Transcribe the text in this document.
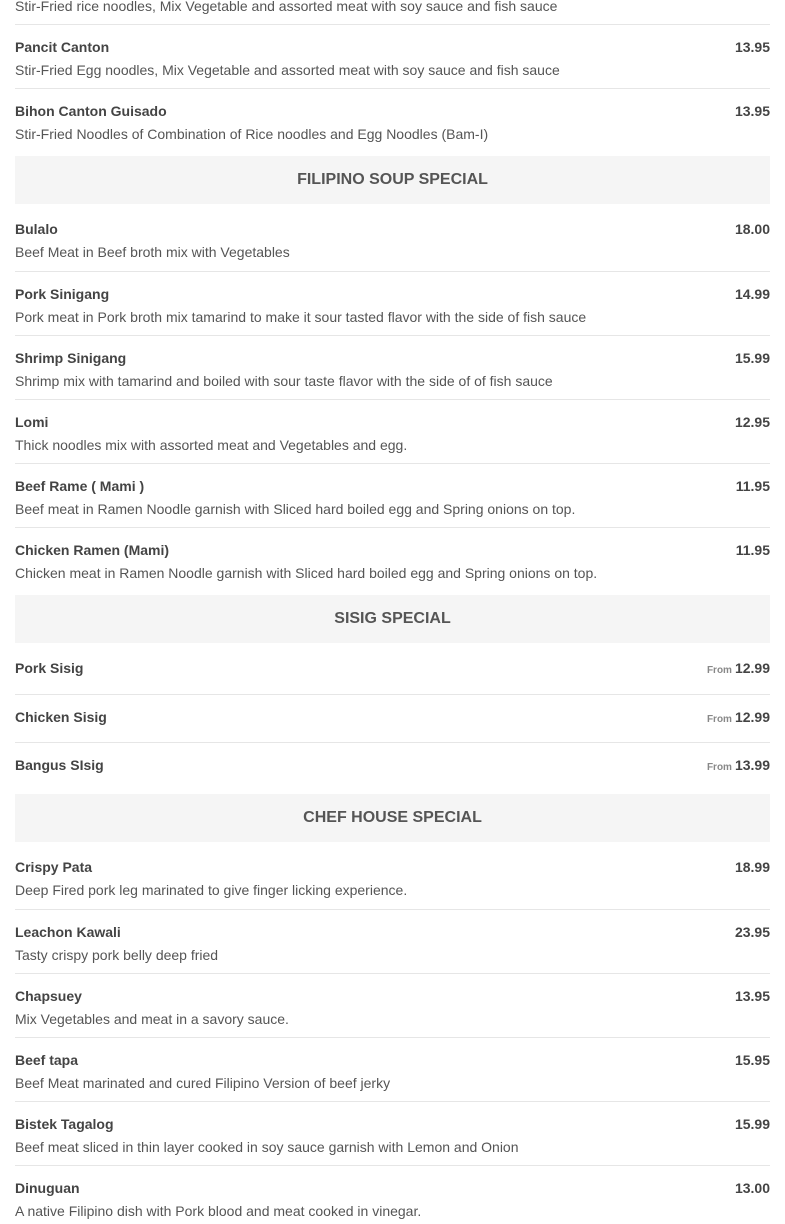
Stir-Fried rice noodles, Mix Vegetable and assorted meat with soy sauce and fish sauce
Pancit Canton	13.95
Stir-Fried Egg noodles, Mix Vegetable and assorted meat with soy sauce and fish sauce
Bihon Canton Guisado	13.95
Stir-Fried Noodles of Combination of Rice noodles and Egg Noodles (Bam-I)
FILIPINO SOUP SPECIAL
Bulalo	18.00
Beef Meat in Beef broth mix with Vegetables
Pork Sinigang	14.99
Pork meat in Pork broth mix tamarind to make it sour tasted flavor with the side of fish sauce
Shrimp Sinigang	15.99
Shrimp mix with tamarind and boiled with sour taste flavor with the side of of fish sauce
Lomi	12.95
Thick noodles mix with assorted meat and Vegetables and egg.
Beef Rame ( Mami )	11.95
Beef meat in Ramen Noodle garnish with Sliced hard boiled egg and Spring onions on top.
Chicken Ramen (Mami)	11.95
Chicken meat in Ramen Noodle garnish with Sliced hard boiled egg and Spring onions on top.
SISIG SPECIAL
Pork Sisig	From 12.99
Chicken Sisig	From 12.99
Bangus SIsig	From 13.99
CHEF HOUSE SPECIAL
Crispy Pata	18.99
Deep Fired pork leg marinated to give finger licking experience.
Leachon Kawali	23.95
Tasty crispy pork belly deep fried
Chapsuey	13.95
Mix Vegetables and meat in a savory sauce.
Beef tapa	15.95
Beef Meat marinated and cured Filipino Version of beef jerky
Bistek Tagalog	15.99
Beef meat sliced in thin layer cooked in soy sauce garnish with Lemon and Onion
Dinuguan	13.00
A native Filipino dish with Pork blood and meat cooked in vinegar.
